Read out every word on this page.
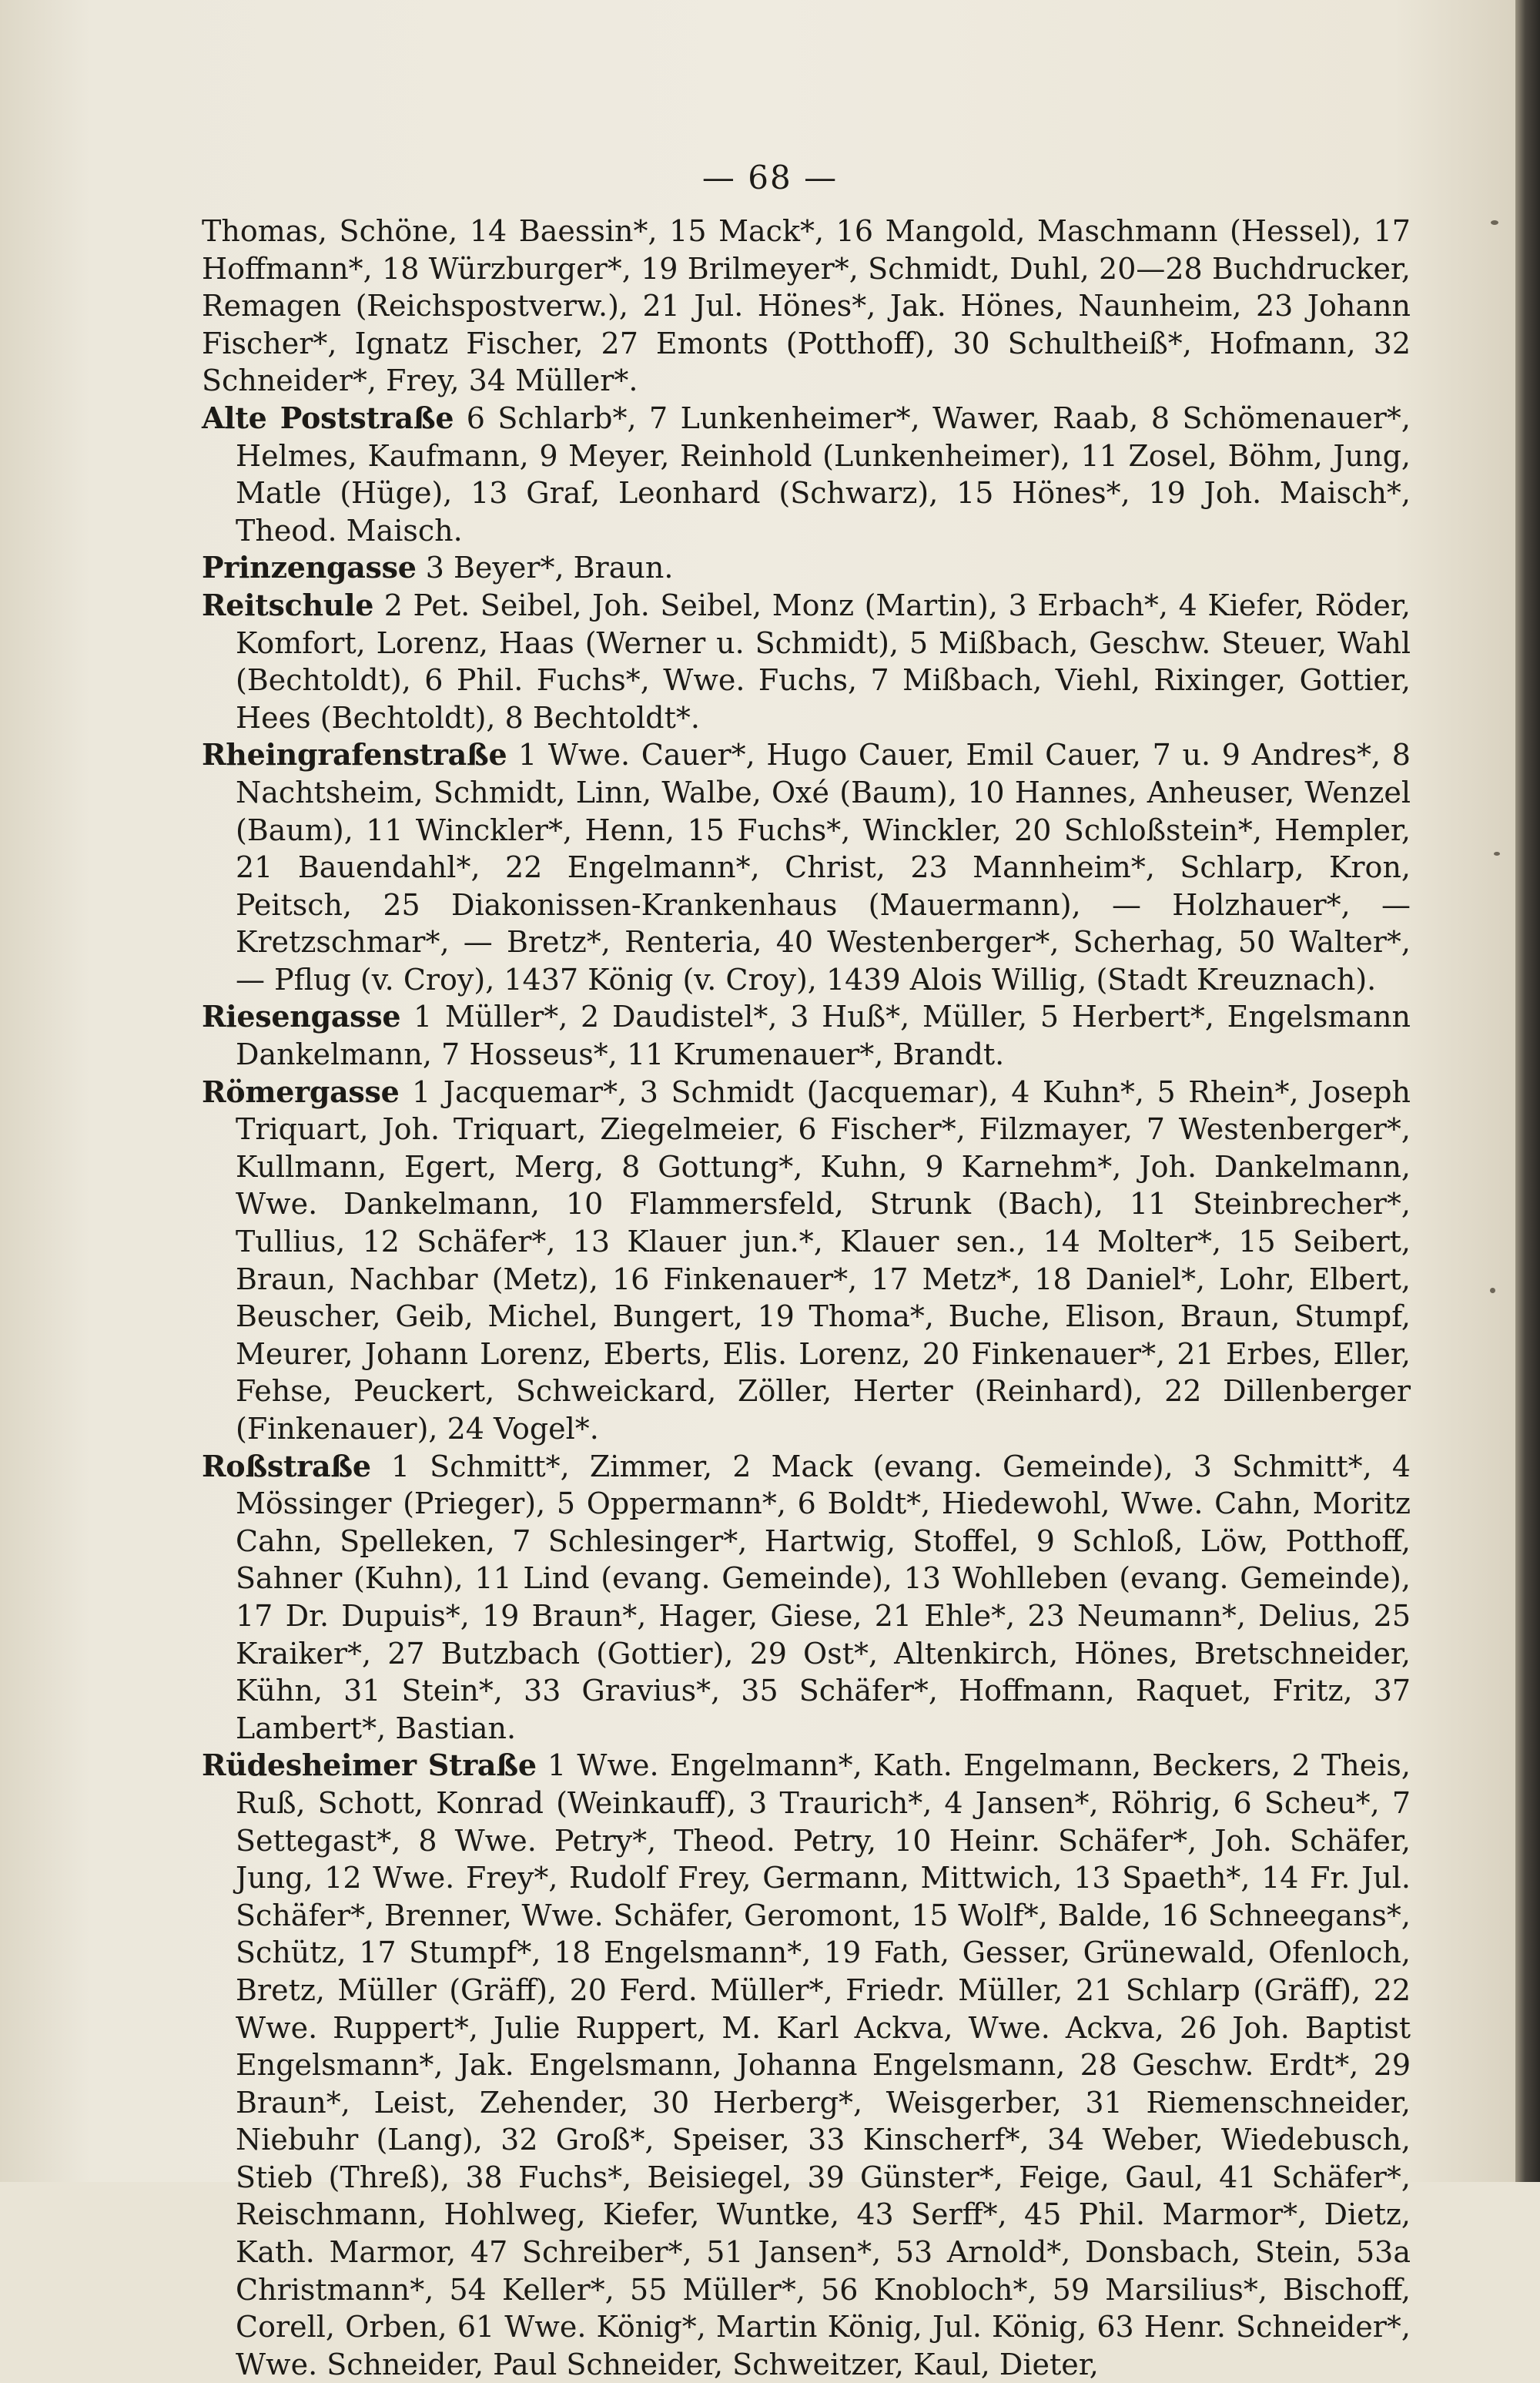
— 68 —

Thomas, Schöne, 14 Baessin*, 15 Mack*, 16 Mangold, Maschmann (Hessel), 17 Hoffmann*, 18 Würzburger*, 19 Brilmeyer*, Schmidt, Duhl, 20—28 Buchdrucker, Remagen (Reichspostverw.), 21 Jul. Hönes*, Jak. Hönes, Naunheim, 23 Johann Fischer*, Ignatz Fischer, 27 Emonts (Potthoff), 30 Schultheiß*, Hofmann, 32 Schneider*, Frey, 34 Müller*.

Alte Poststraße 6 Schlarb*, 7 Lunkenheimer*, Wawer, Raab, 8 Schömenauer*, Helmes, Kaufmann, 9 Meyer, Reinhold (Lunkenheimer), 11 Zosel, Böhm, Jung, Matle (Hüge), 13 Graf, Leonhard (Schwarz), 15 Hönes*, 19 Joh. Maisch*, Theod. Maisch.

Prinzengasse 3 Beyer*, Braun.

Reitschule 2 Pet. Seibel, Joh. Seibel, Monz (Martin), 3 Erbach*, 4 Kiefer, Röder, Komfort, Lorenz, Haas (Werner u. Schmidt), 5 Mißbach, Geschw. Steuer, Wahl (Bechtoldt), 6 Phil. Fuchs*, Wwe. Fuchs, 7 Mißbach, Viehl, Rixinger, Gottier, Hees (Bechtoldt), 8 Bechtoldt*.

Rheingrafenstraße 1 Wwe. Cauer*, Hugo Cauer, Emil Cauer, 7 u. 9 Andres*, 8 Nachtsheim, Schmidt, Linn, Walbe, Oxé (Baum), 10 Hannes, Anheuser, Wenzel (Baum), 11 Winckler*, Henn, 15 Fuchs*, Winckler, 20 Schloßstein*, Hempler, 21 Bauendahl*, 22 Engelmann*, Christ, 23 Mannheim*, Schlarp, Kron, Peitsch, 25 Diakonissen-Krankenhaus (Mauermann), — Holzhauer*, — Kretzschmar*, — Bretz*, Renteria, 40 Westenberger*, Scherhag, 50 Walter*, — Pflug (v. Croy), 1437 König (v. Croy), 1439 Alois Willig, (Stadt Kreuznach).

Riesengasse 1 Müller*, 2 Daudistel*, 3 Huß*, Müller, 5 Herbert*, Engelsmann Dankelmann, 7 Hosseus*, 11 Krumenauer*, Brandt.

Römergasse 1 Jacquemar*, 3 Schmidt (Jacquemar), 4 Kuhn*, 5 Rhein*, Joseph Triquart, Joh. Triquart, Ziegelmeier, 6 Fischer*, Filzmayer, 7 Westenberger*, Kullmann, Egert, Merg, 8 Gottung*, Kuhn, 9 Karnehm*, Joh. Dankelmann, Wwe. Dankelmann, 10 Flammersfeld, Strunk (Bach), 11 Steinbrecher*, Tullius, 12 Schäfer*, 13 Klauer jun.*, Klauer sen., 14 Molter*, 15 Seibert, Braun, Nachbar (Metz), 16 Finkenauer*, 17 Metz*, 18 Daniel*, Lohr, Elbert, Beuscher, Geib, Michel, Bungert, 19 Thoma*, Buche, Elison, Braun, Stumpf, Meurer, Johann Lorenz, Eberts, Elis. Lorenz, 20 Finkenauer*, 21 Erbes, Eller, Fehse, Peuckert, Schweickard, Zöller, Herter (Reinhard), 22 Dillenberger (Finkenauer), 24 Vogel*.

Roßstraße 1 Schmitt*, Zimmer, 2 Mack (evang. Gemeinde), 3 Schmitt*, 4 Mössinger (Prieger), 5 Oppermann*, 6 Boldt*, Hiedewohl, Wwe. Cahn, Moritz Cahn, Spelleken, 7 Schlesinger*, Hartwig, Stoffel, 9 Schloß, Löw, Potthoff, Sahner (Kuhn), 11 Lind (evang. Gemeinde), 13 Wohlleben (evang. Gemeinde), 17 Dr. Dupuis*, 19 Braun*, Hager, Giese, 21 Ehle*, 23 Neumann*, Delius, 25 Kraiker*, 27 Butzbach (Gottier), 29 Ost*, Altenkirch, Hönes, Bretschneider, Kühn, 31 Stein*, 33 Gravius*, 35 Schäfer*, Hoffmann, Raquet, Fritz, 37 Lambert*, Bastian.

Rüdesheimer Straße 1 Wwe. Engelmann*, Kath. Engelmann, Beckers, 2 Theis, Ruß, Schott, Konrad (Weinkauff), 3 Traurich*, 4 Jansen*, Röhrig, 6 Scheu*, 7 Settegast*, 8 Wwe. Petry*, Theod. Petry, 10 Heinr. Schäfer*, Joh. Schäfer, Jung, 12 Wwe. Frey*, Rudolf Frey, Germann, Mittwich, 13 Spaeth*, 14 Fr. Jul. Schäfer*, Brenner, Wwe. Schäfer, Geromont, 15 Wolf*, Balde, 16 Schneegans*, Schütz, 17 Stumpf*, 18 Engelsmann*, 19 Fath, Gesser, Grünewald, Ofenloch, Bretz, Müller (Gräff), 20 Ferd. Müller*, Friedr. Müller, 21 Schlarp (Gräff), 22 Wwe. Ruppert*, Julie Ruppert, M. Karl Ackva, Wwe. Ackva, 26 Joh. Baptist Engelsmann*, Jak. Engelsmann, Johanna Engelsmann, 28 Geschw. Erdt*, 29 Braun*, Leist, Zehender, 30 Herberg*, Weisgerber, 31 Riemenschneider, Niebuhr (Lang), 32 Groß*, Speiser, 33 Kinscherf*, 34 Weber, Wiedebusch, Stieb (Threß), 38 Fuchs*, Beisiegel, 39 Günster*, Feige, Gaul, 41 Schäfer*, Reischmann, Hohlweg, Kiefer, Wuntke, 43 Serff*, 45 Phil. Marmor*, Dietz, Kath. Marmor, 47 Schreiber*, 51 Jansen*, 53 Arnold*, Donsbach, Stein, 53a Christmann*, 54 Keller*, 55 Müller*, 56 Knobloch*, 59 Marsilius*, Bischoff, Corell, Orben, 61 Wwe. König*, Martin König, Jul. König, 63 Henr. Schneider*, Wwe. Schneider, Paul Schneider, Schweitzer, Kaul, Dieter,
